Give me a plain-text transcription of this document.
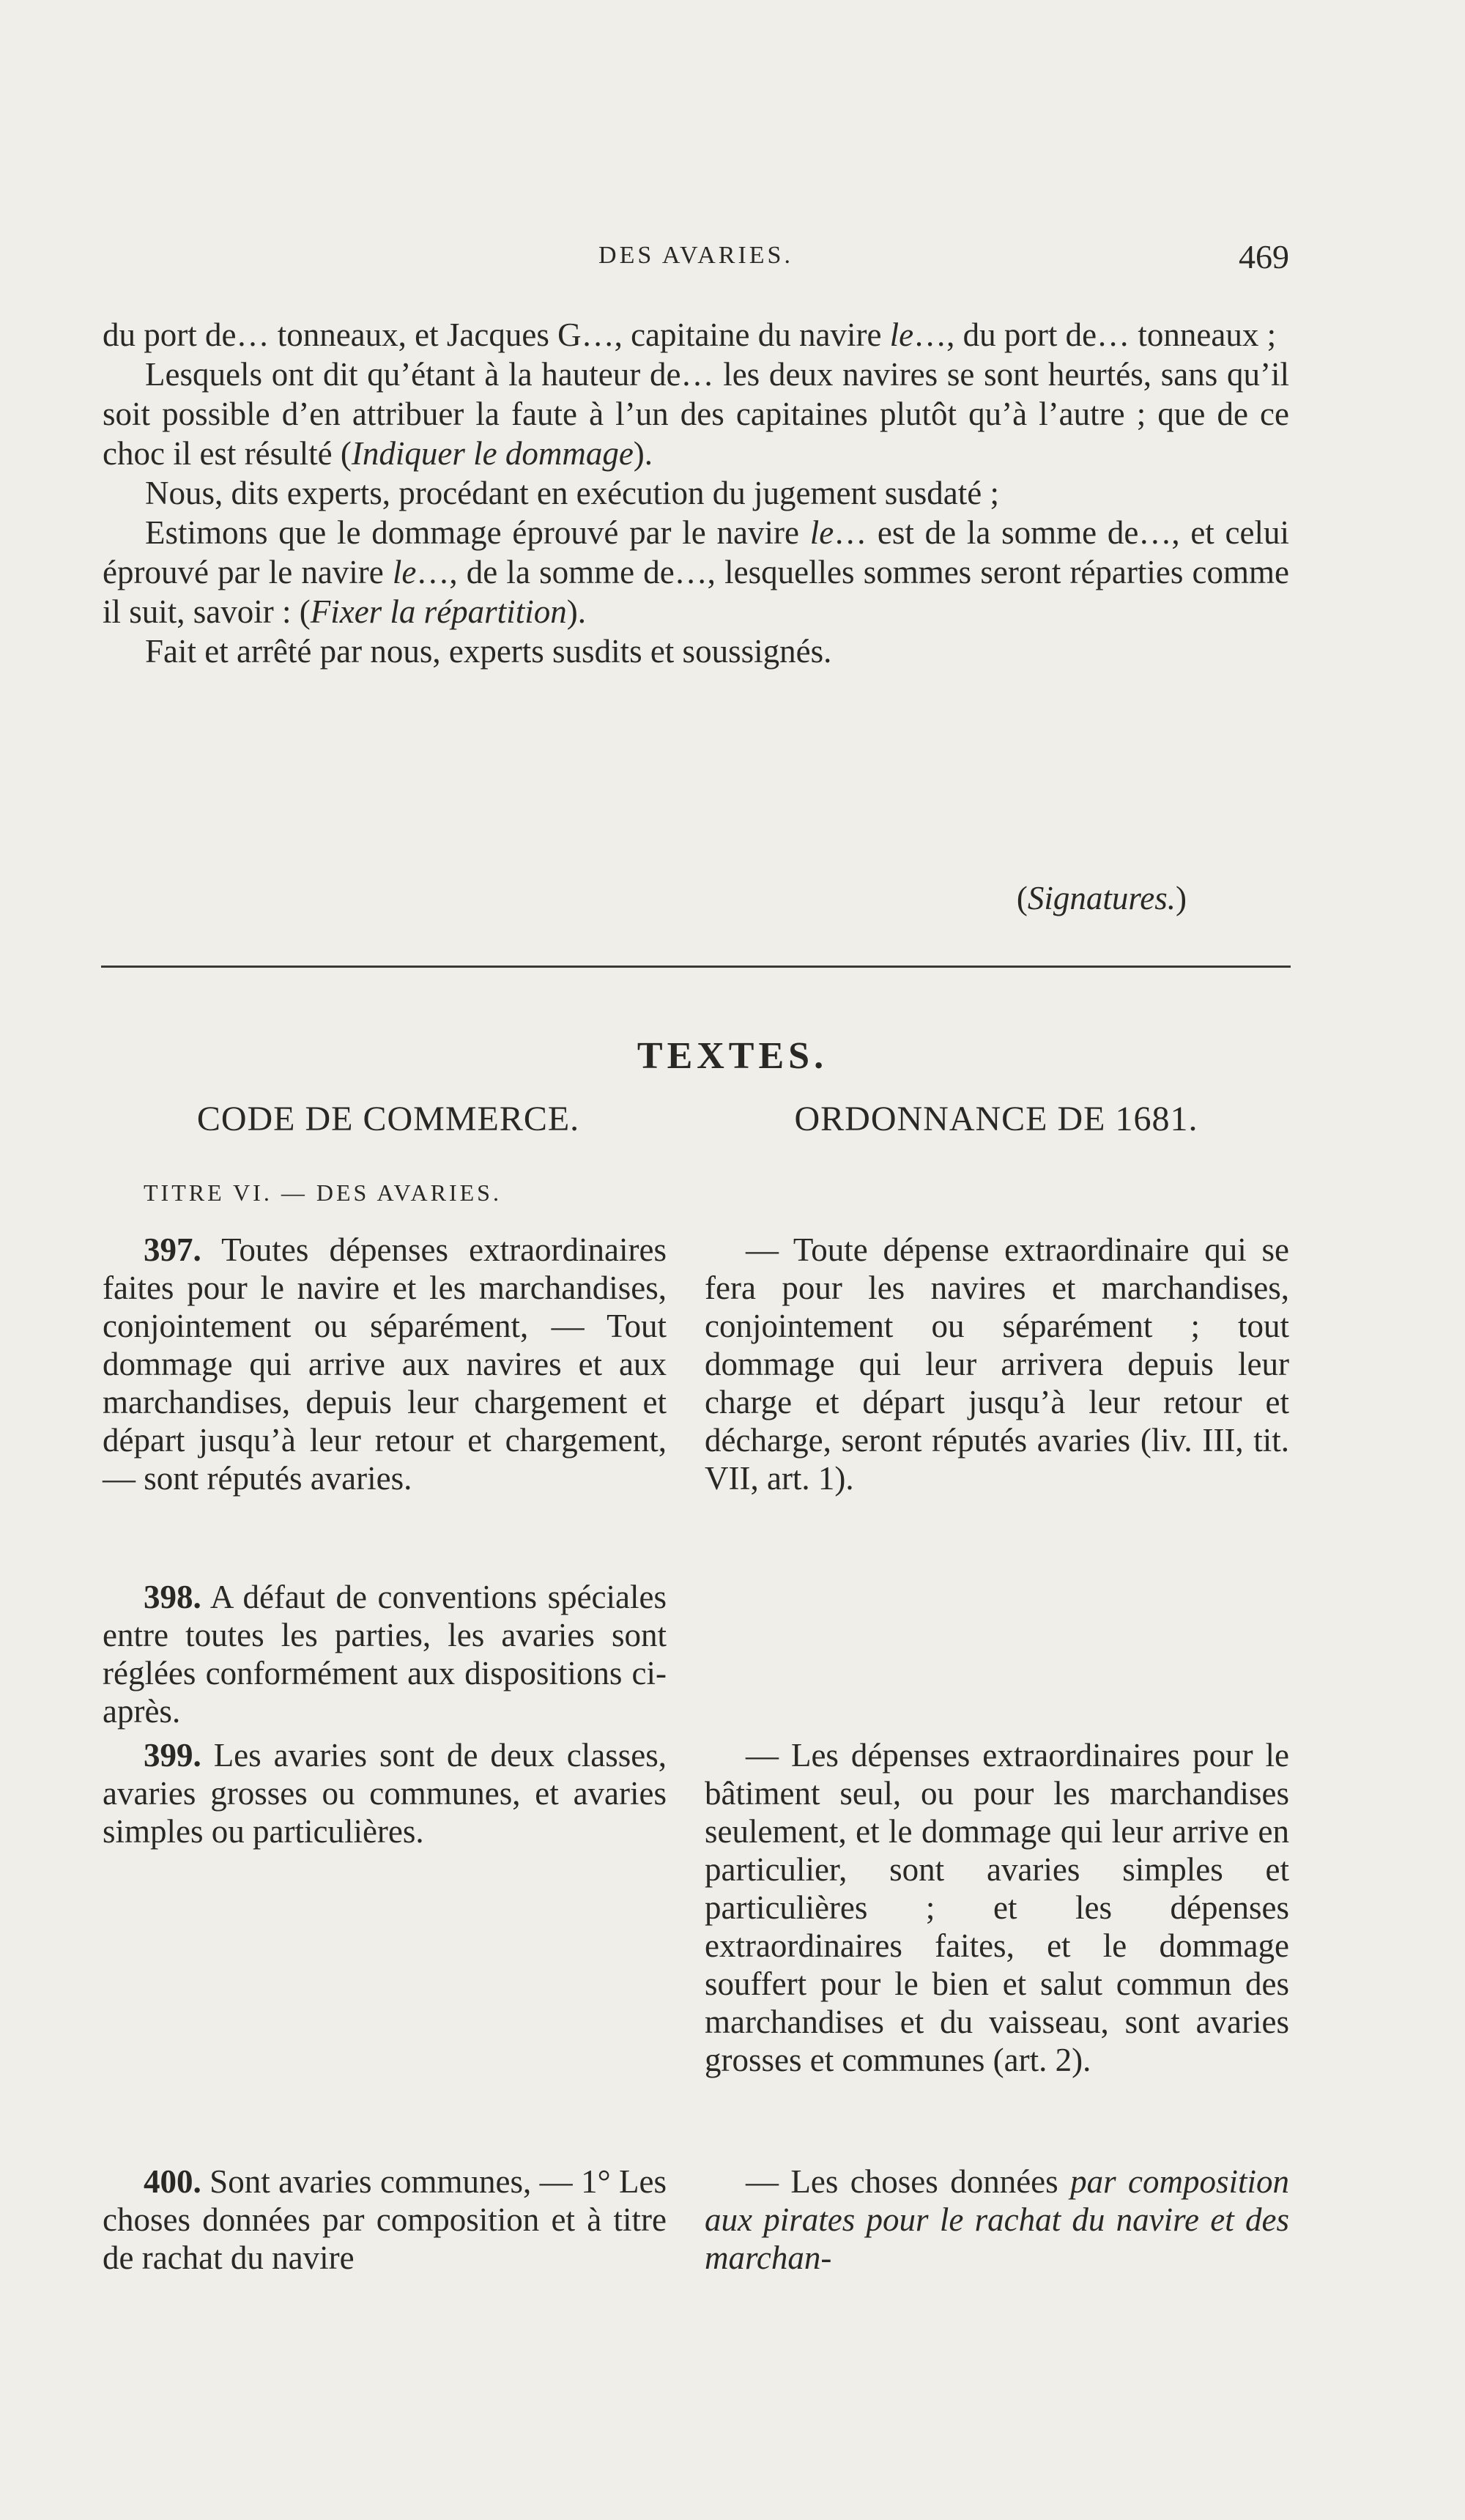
DES AVARIES.	469

du port de… tonneaux, et Jacques G…, capitaine du navire le…, du port de… tonneaux ;

Lesquels ont dit qu’étant à la hauteur de… les deux navires se sont heurtés, sans qu’il soit possible d’en attribuer la faute à l’un des capitaines plutôt qu’à l’autre ; que de ce choc il est résulté (Indiquer le dommage).

Nous, dits experts, procédant en exécution du jugement susdaté ;

Estimons que le dommage éprouvé par le navire le… est de la somme de…, et celui éprouvé par le navire le…, de la somme de…, lesquelles sommes seront réparties comme il suit, savoir : (Fixer la répartition).

Fait et arrêté par nous, experts susdits et soussignés.

(Signatures.)
TEXTES.
CODE DE COMMERCE.	ORDONNANCE DE 1681.
TITRE VI. — DES AVARIES.

397. Toutes dépenses extraordinaires faites pour le navire et les marchandises, conjointement ou séparément, — Tout dommage qui arrive aux navires et aux marchandises, depuis leur chargement et départ jusqu’à leur retour et chargement, — sont réputés avaries.

398. A défaut de conventions spéciales entre toutes les parties, les avaries sont réglées conformément aux dispositions ci-après.

399. Les avaries sont de deux classes, avaries grosses ou communes, et avaries simples ou particulières.

400. Sont avaries communes, — 1° Les choses données par composition et à titre de rachat du navire

— Toute dépense extraordinaire qui se fera pour les navires et marchandises, conjointement ou séparément ; tout dommage qui leur arrivera depuis leur charge et départ jusqu’à leur retour et décharge, seront réputés avaries (liv. III, tit. VII, art. 1).

— Les dépenses extraordinaires pour le bâtiment seul, ou pour les marchandises seulement, et le dommage qui leur arrive en particulier, sont avaries simples et particulières ; et les dépenses extraordinaires faites, et le dommage souffert pour le bien et salut commun des marchandises et du vaisseau, sont avaries grosses et communes (art. 2).

— Les choses données par composition aux pirates pour le rachat du navire et des marchan-
